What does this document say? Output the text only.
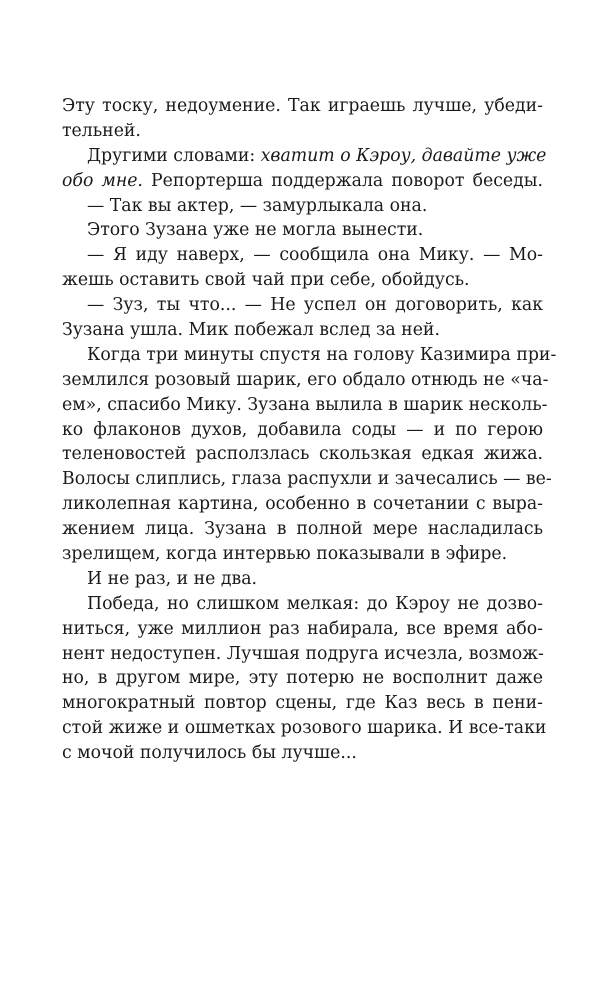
Эту тоску, недоумение. Так играешь лучше, убеди-
тельней.
Другими словами: хватит о Кэроу, давайте уже
обо мне. Репортерша поддержала поворот беседы.
— Так вы актер, — замурлыкала она.
Этого Зузана уже не могла вынести.
— Я иду наверх, — сообщила она Мику. — Мо-
жешь оставить свой чай при себе, обойдусь.
— Зуз, ты что... — Не успел он договорить, как
Зузана ушла. Мик побежал вслед за ней.
Когда три минуты спустя на голову Казимира при-
землился розовый шарик, его обдало отнюдь не «ча-
ем», спасибо Мику. Зузана вылила в шарик несколь-
ко флаконов духов, добавила соды — и по герою
теленовостей расползлась скользкая едкая жижа.
Волосы слиплись, глаза распухли и зачесались — ве-
ликолепная картина, особенно в сочетании с выра-
жением лица. Зузана в полной мере насладилась
зрелищем, когда интервью показывали в эфире.
И не раз, и не два.
Победа, но слишком мелкая: до Кэроу не дозво-
ниться, уже миллион раз набирала, все время або-
нент недоступен. Лучшая подруга исчезла, возмож-
но, в другом мире, эту потерю не восполнит даже
многократный повтор сцены, где Каз весь в пени-
стой жиже и ошметках розового шарика. И все-таки
с мочой получилось бы лучше...
